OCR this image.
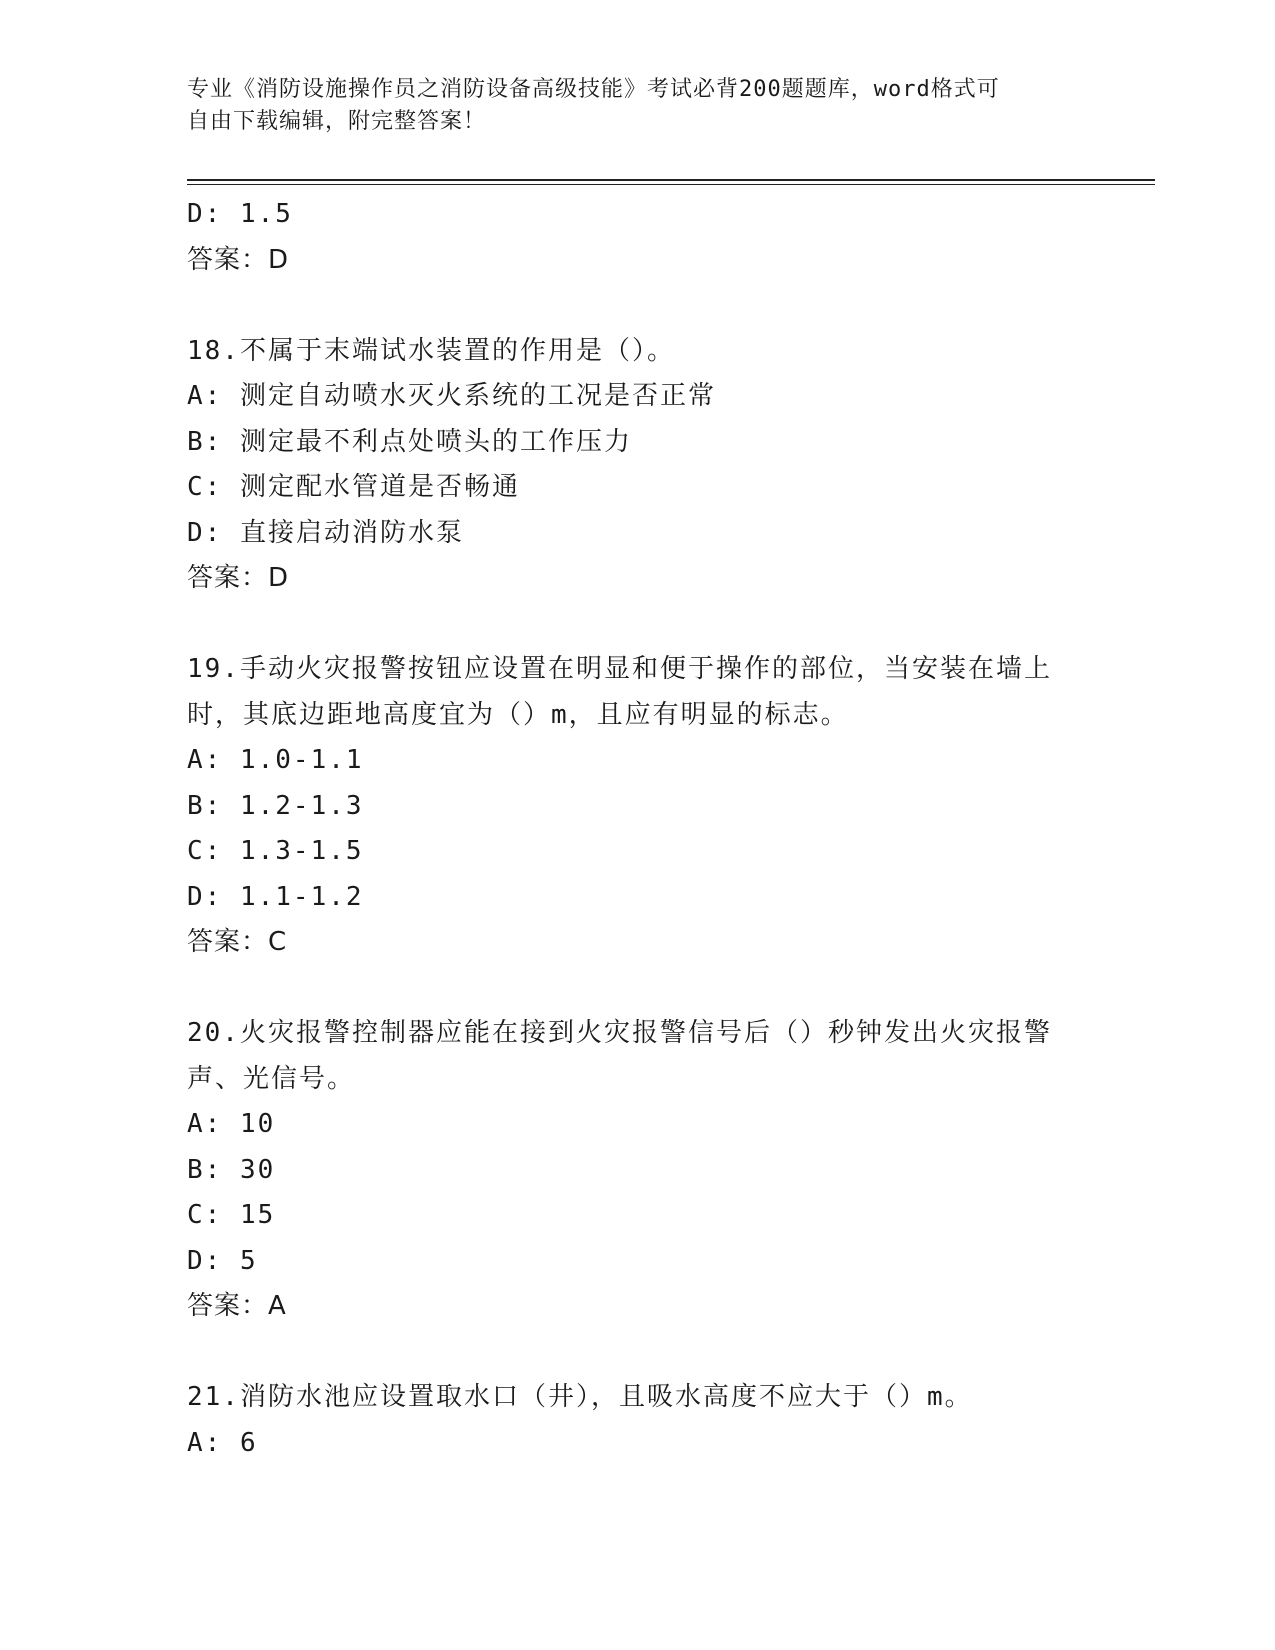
专业《消防设施操作员之消防设备高级技能》考试必背200题题库，word格式可
自由下载编辑，附完整答案！
D: 1.5
答案：D
18.不属于末端试水装置的作用是（）。
A: 测定自动喷水灭火系统的工况是否正常
B: 测定最不利点处喷头的工作压力
C: 测定配水管道是否畅通
D: 直接启动消防水泵
答案：D
19.手动火灾报警按钮应设置在明显和便于操作的部位，当安装在墙上
时，其底边距地高度宜为（）m，且应有明显的标志。
A: 1.0-1.1
B: 1.2-1.3
C: 1.3-1.5
D: 1.1-1.2
答案：C
20.火灾报警控制器应能在接到火灾报警信号后（）秒钟发出火灾报警
声、光信号。
A: 10
B: 30
C: 15
D: 5
答案：A
21.消防水池应设置取水口（井），且吸水高度不应大于（）m。
A: 6
